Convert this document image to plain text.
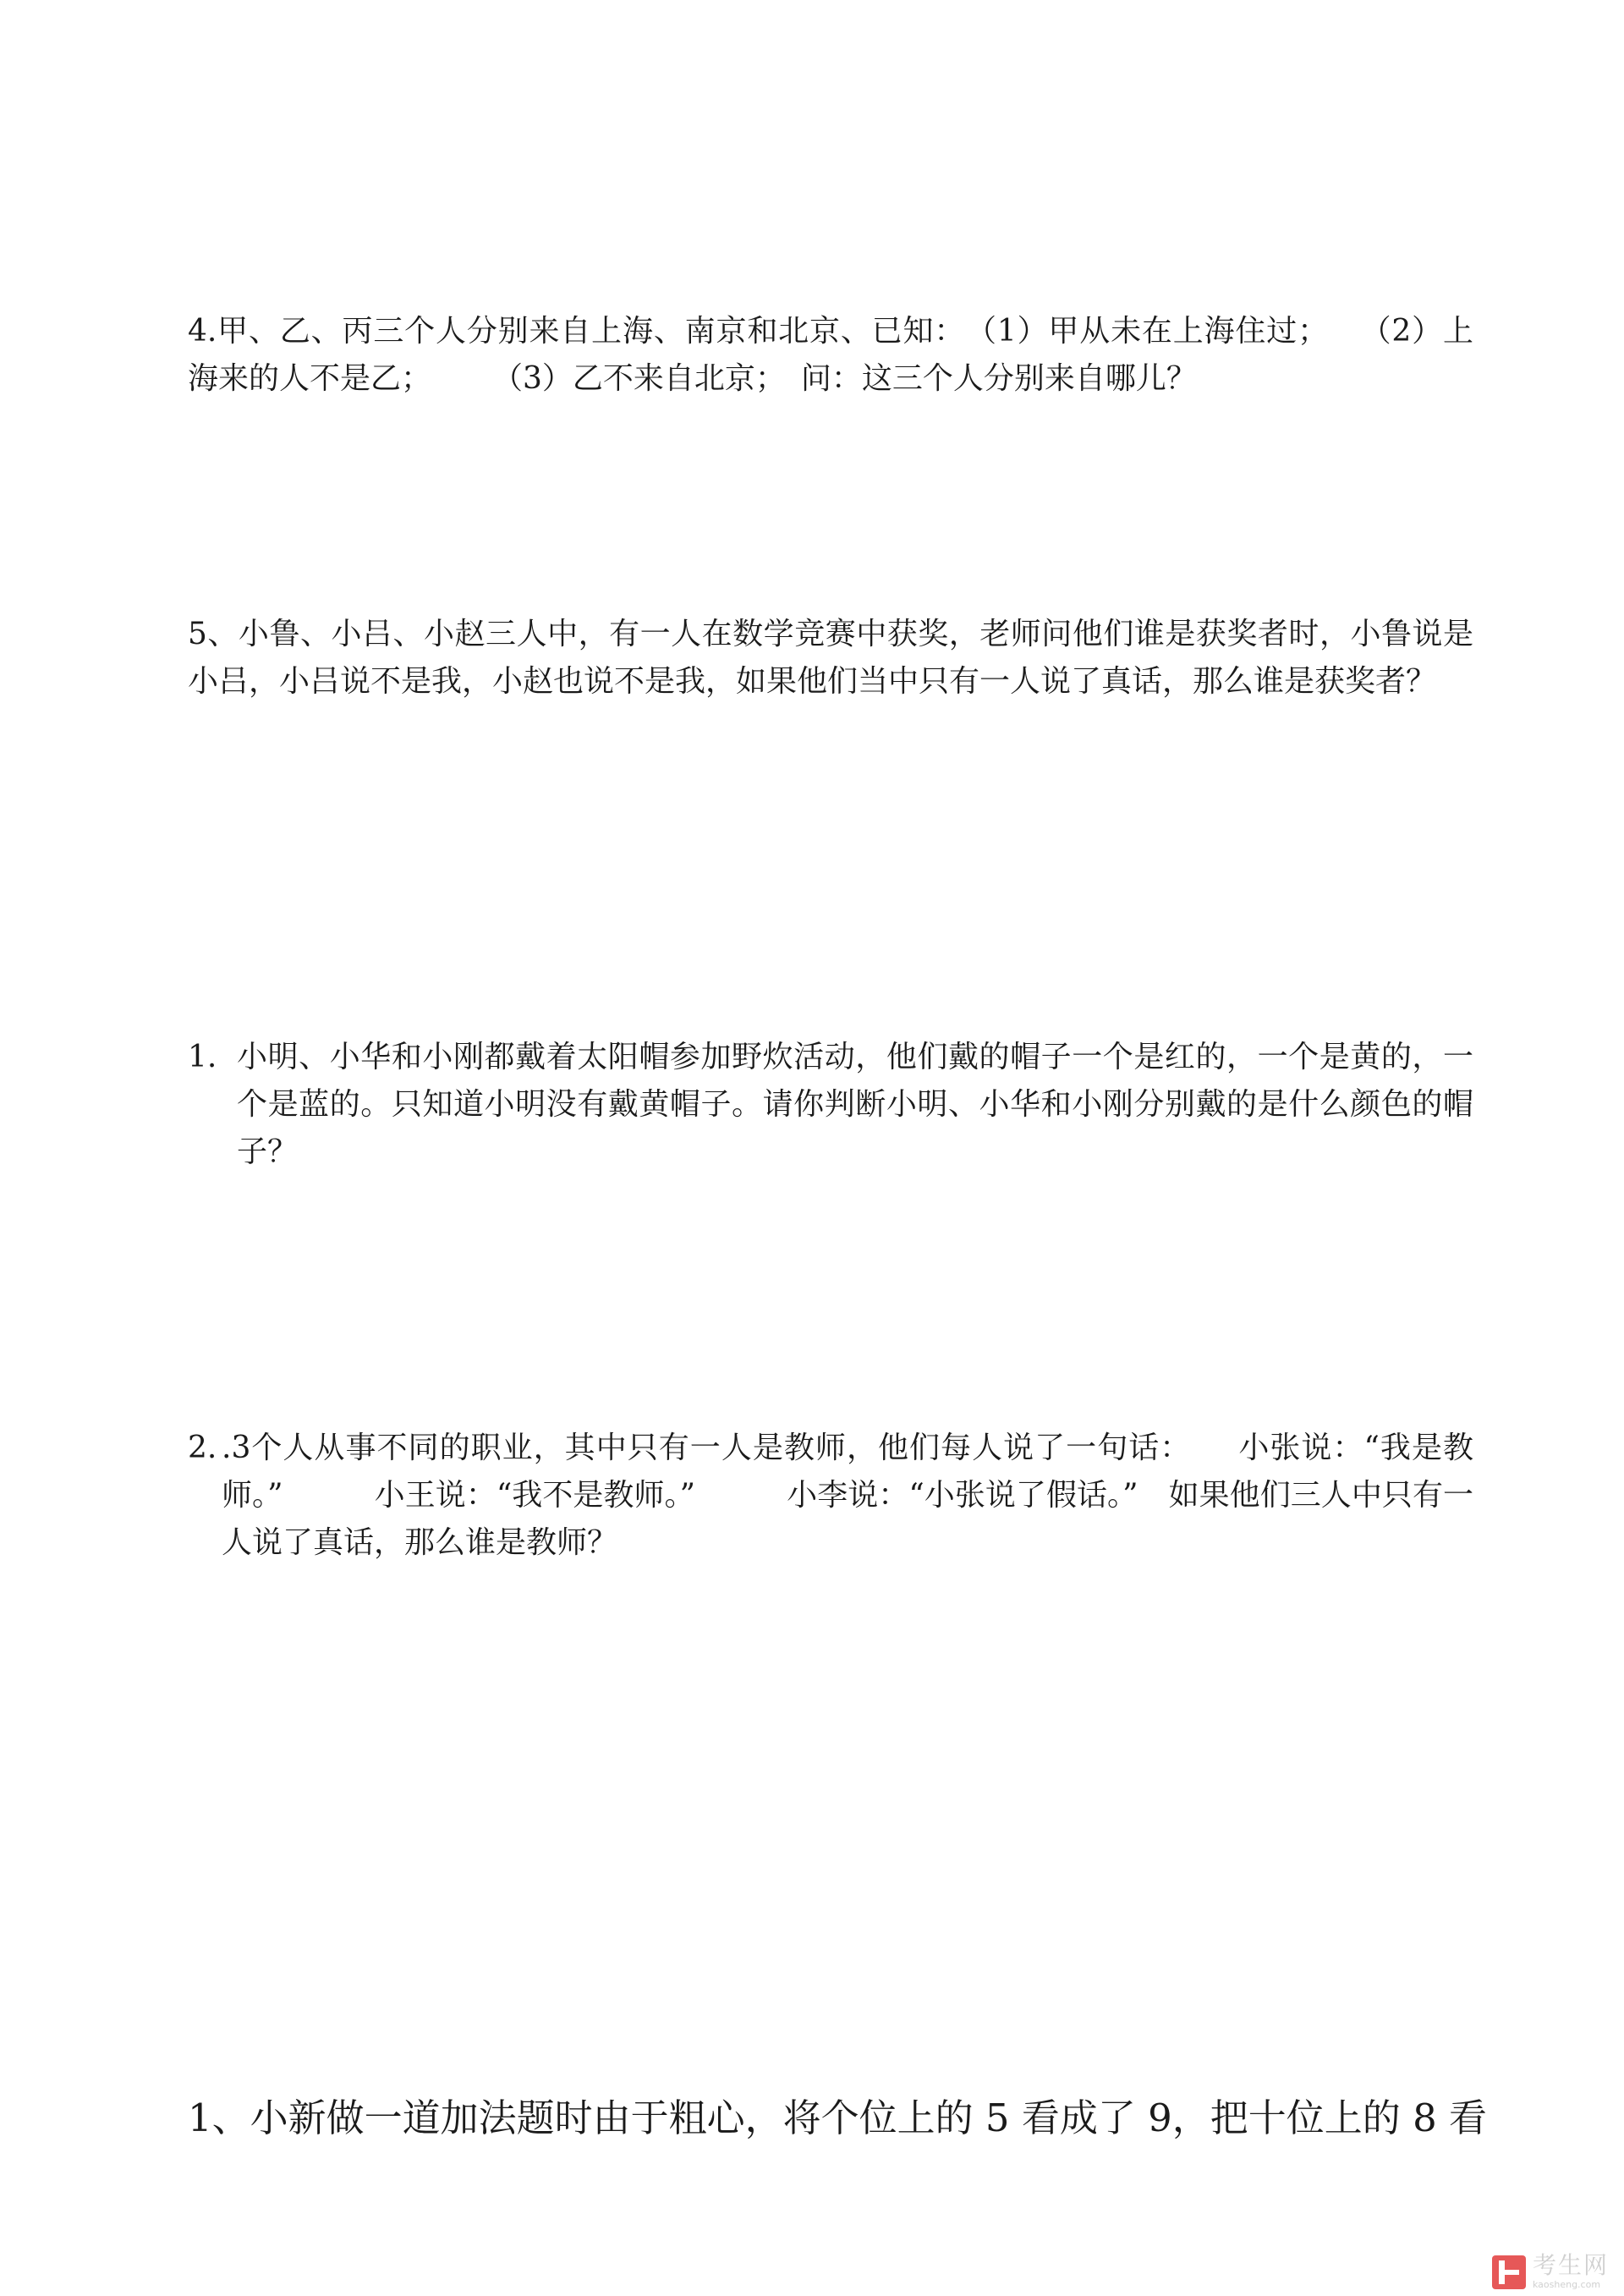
4.甲、乙、丙三个人分别来自上海、南京和北京、已知：　（1）甲从未在上海住过；　　（2）上海来的人不是乙；　　　（3）乙不来自北京；　问：这三个人分别来自哪儿？

5、小鲁、小吕、小赵三人中，有一人在数学竞赛中获奖，老师问他们谁是获奖者时，小鲁说是小吕，小吕说不是我，小赵也说不是我，如果他们当中只有一人说了真话，那么谁是获奖者？

1. 小明、小华和小刚都戴着太阳帽参加野炊活动，他们戴的帽子一个是红的，一个是黄的，一个是蓝的。只知道小明没有戴黄帽子。请你判断小明、小华和小刚分别戴的是什么颜色的帽子？

2. .3个人从事不同的职业，其中只有一人是教师，他们每人说了一句话：　　小张说：“我是教师。”　　　小王说：“我不是教师。”　　　小李说：“小张说了假话。”　如果他们三人中只有一人说了真话，那么谁是教师？

1、小新做一道加法题时由于粗心，将个位上的 5 看成了 9，把十位上的 8 看
考生网
kaosheng.com
